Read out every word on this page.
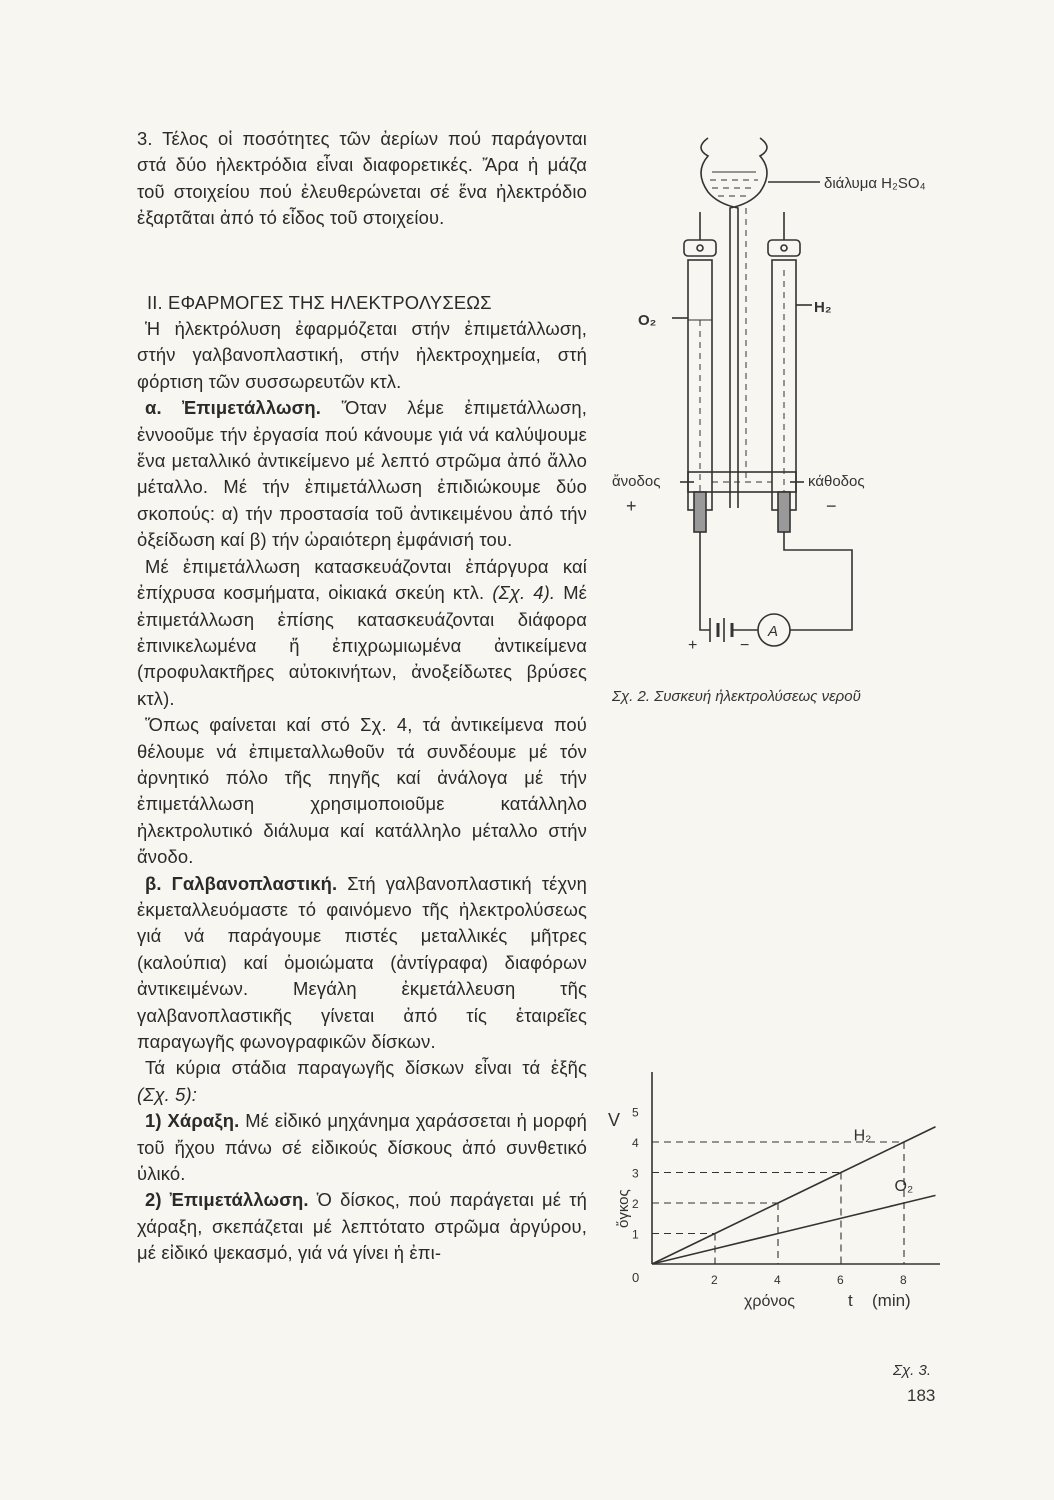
3. Τέλος οἱ ποσότητες τῶν ἀερίων πού παράγονται στά δύο ἠλεκτρόδια εἶναι διαφορετικές. Ἄρα ἡ μάζα τοῦ στοιχείου πού ἐλευθερώνεται σέ ἕνα ἠλεκτρόδιο ἐξαρτᾶται ἀπό τό εἶδος τοῦ στοιχείου.

II. ΕΦΑΡΜΟΓΕΣ ΤΗΣ ΗΛΕΚΤΡΟΛΥΣΕΩΣ

Ἡ ἠλεκτρόλυση ἐφαρμόζεται στήν ἐπιμετάλλωση, στήν γαλβανοπλαστική, στήν ἠλεκτροχημεία, στή φόρτιση τῶν συσσωρευτῶν κτλ.

α. Ἐπιμετάλλωση. Ὅταν λέμε ἐπιμετάλλωση, ἐννοοῦμε τήν ἐργασία πού κάνουμε γιά νά καλύψουμε ἕνα μεταλλικό ἀντικείμενο μέ λεπτό στρῶμα ἀπό ἄλλο μέταλλο. Μέ τήν ἐπιμετάλλωση ἐπιδιώκουμε δύο σκοπούς: α) τήν προστασία τοῦ ἀντικειμένου ἀπό τήν ὀξείδωση καί β) τήν ὡραιότερη ἐμφάνισή του.

Μέ ἐπιμετάλλωση κατασκευάζονται ἐπάργυρα καί ἐπίχρυσα κοσμήματα, οἰκιακά σκεύη κτλ. (Σχ. 4). Μέ ἐπιμετάλλωση ἐπίσης κατασκευάζονται διάφορα ἐπινικελωμένα ἤ ἐπιχρωμιωμένα ἀντικείμενα (προφυλακτῆρες αὐτοκινήτων, ἀνοξείδωτες βρύσες κτλ).

Ὅπως φαίνεται καί στό Σχ. 4, τά ἀντικείμενα πού θέλουμε νά ἐπιμεταλλωθοῦν τά συνδέουμε μέ τόν ἀρνητικό πόλο τῆς πηγῆς καί ἀνάλογα μέ τήν ἐπιμετάλλωση χρησιμοποιοῦμε κατάλληλο ἠλεκτρολυτικό διάλυμα καί κατάλληλο μέταλλο στήν ἄνοδο.

β. Γαλβανοπλαστική. Στή γαλβανοπλαστική τέχνη ἐκμεταλλευόμαστε τό φαινόμενο τῆς ἠλεκτρολύσεως γιά νά παράγουμε πιστές μεταλλικές μῆτρες (καλούπια) καί ὁμοιώματα (ἀντίγραφα) διαφόρων ἀντικειμένων. Μεγάλη ἐκμετάλλευση τῆς γαλβανοπλαστικῆς γίνεται ἀπό τίς ἑταιρεῖες παραγωγῆς φωνογραφικῶν δίσκων.

Τά κύρια στάδια παραγωγῆς δίσκων εἶναι τά ἑξῆς (Σχ. 5):

1) Χάραξη. Μέ εἰδικό μηχάνημα χαράσσεται ἡ μορφή τοῦ ἤχου πάνω σέ εἰδικούς δίσκους ἀπό συνθετικό ὑλικό.

2) Ἐπιμετάλλωση. Ὁ δίσκος, πού παράγεται μέ τή χάραξη, σκεπάζεται μέ λεπτότατο στρῶμα ἀργύρου, μέ εἰδικό ψεκασμό, γιά νά γίνει ἡ ἐπι-

διάλυμα H₂SO₄
O₂
H₂
ἄνοδος
+
κάθοδος
−
+	−
A
Σχ. 2. Συσκευή ἠλεκτρολύσεως νεροῦ
1
2
3
4
5
2	4	6	8
H₂
O₂
V
ὄγκος
0
χρόνος	t (min)
Σχ. 3.
183
